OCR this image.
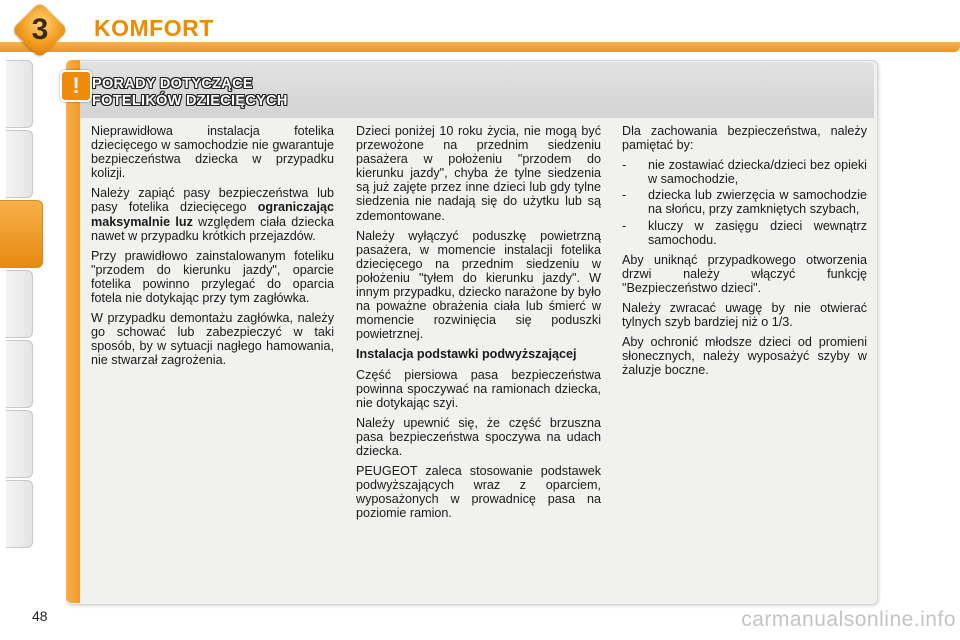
3	KOMFORT
! PORADY DOTYCZĄCE
FOTELIKÓW DZIECIĘCYCH

Nieprawidłowa instalacja fotelika dziecięcego w samochodzie nie gwarantuje bezpieczeństwa dziecka w przypadku kolizji.

Należy zapiąć pasy bezpieczeństwa lub pasy fotelika dziecięcego ograniczając maksymalnie luz względem ciała dziecka nawet w przypadku krótkich przejazdów.

Przy prawidłowo zainstalowanym foteliku "przodem do kierunku jazdy", oparcie fotelika powinno przylegać do oparcia fotela nie dotykając przy tym zagłówka.

W przypadku demontażu zagłówka, należy go schować lub zabezpieczyć w taki sposób, by w sytuacji nagłego hamowania, nie stwarzał zagrożenia.

Dzieci poniżej 10 roku życia, nie mogą być przewożone na przednim siedzeniu pasażera w położeniu "przodem do kierunku jazdy", chyba że tylne siedzenia są już zajęte przez inne dzieci lub gdy tylne siedzenia nie nadają się do użytku lub są zdemontowane.

Należy wyłączyć poduszkę powietrzną pasażera, w momencie instalacji fotelika dziecięcego na przednim siedzeniu w położeniu "tyłem do kierunku jazdy". W innym przypadku, dziecko narażone by było na poważne obrażenia ciała lub śmierć w momencie rozwinięcia się poduszki powietrznej.

Instalacja podstawki podwyższającej

Część piersiowa pasa bezpieczeństwa powinna spoczywać na ramionach dziecka, nie dotykając szyi.

Należy upewnić się, że część brzuszna pasa bezpieczeństwa spoczywa na udach dziecka.

PEUGEOT zaleca stosowanie podstawek podwyższających wraz z oparciem, wyposażonych w prowadnicę pasa na poziomie ramion.

Dla zachowania bezpieczeństwa, należy pamiętać by:

- nie zostawiać dziecka/dzieci bez opieki w samochodzie,
- dziecka lub zwierzęcia w samochodzie na słońcu, przy zamkniętych szybach,
- kluczy w zasięgu dzieci wewnątrz samochodu.

Aby uniknąć przypadkowego otworzenia drzwi należy włączyć funkcję "Bezpieczeństwo dzieci".

Należy zwracać uwagę by nie otwierać tylnych szyb bardziej niż o 1/3.

Aby ochronić młodsze dzieci od promieni słonecznych, należy wyposażyć szyby w żaluzje boczne.

48	carmanualsonline.info
